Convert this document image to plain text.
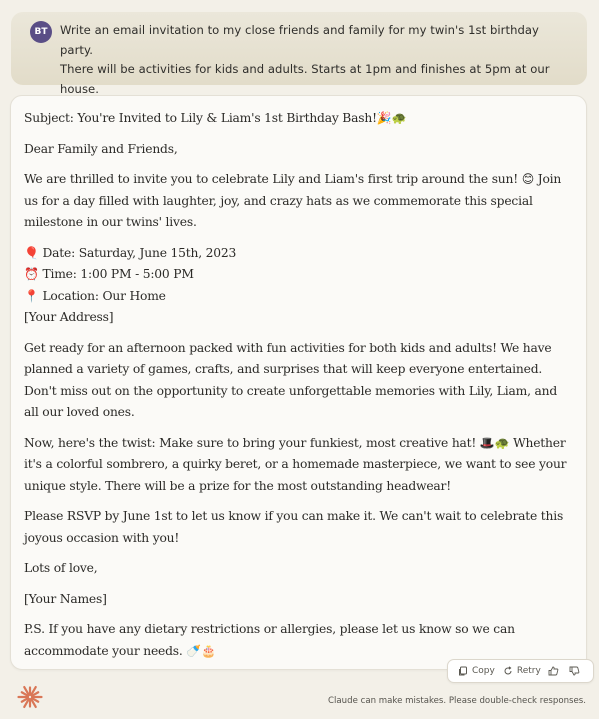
BT	Write an email invitation to my close friends and family for my twin's 1st birthday party.
There will be activities for kids and adults. Starts at 1pm and finishes at 5pm at our house.
Subject: You're Invited to Lily & Liam's 1st Birthday Bash!🎉🐢
Dear Family and Friends,
We are thrilled to invite you to celebrate Lily and Liam's first trip around the sun! 😊 Join
us for a day filled with laughter, joy, and crazy hats as we commemorate this special
milestone in our twins' lives.
🎈 Date: Saturday, June 15th, 2023
⏰ Time: 1:00 PM - 5:00 PM
📍 Location: Our Home
[Your Address]
Get ready for an afternoon packed with fun activities for both kids and adults! We have
planned a variety of games, crafts, and surprises that will keep everyone entertained.
Don't miss out on the opportunity to create unforgettable memories with Lily, Liam, and
all our loved ones.
Now, here's the twist: Make sure to bring your funkiest, most creative hat! 🎩🐢 Whether
it's a colorful sombrero, a quirky beret, or a homemade masterpiece, we want to see your
unique style. There will be a prize for the most outstanding headwear!
Please RSVP by June 1st to let us know if you can make it. We can't wait to celebrate this
joyous occasion with you!
Lots of love,
[Your Names]
P.S. If you have any dietary restrictions or allergies, please let us know so we can
accommodate your needs. 🍼🎂
Copy Retry
Claude can make mistakes. Please double-check responses.
